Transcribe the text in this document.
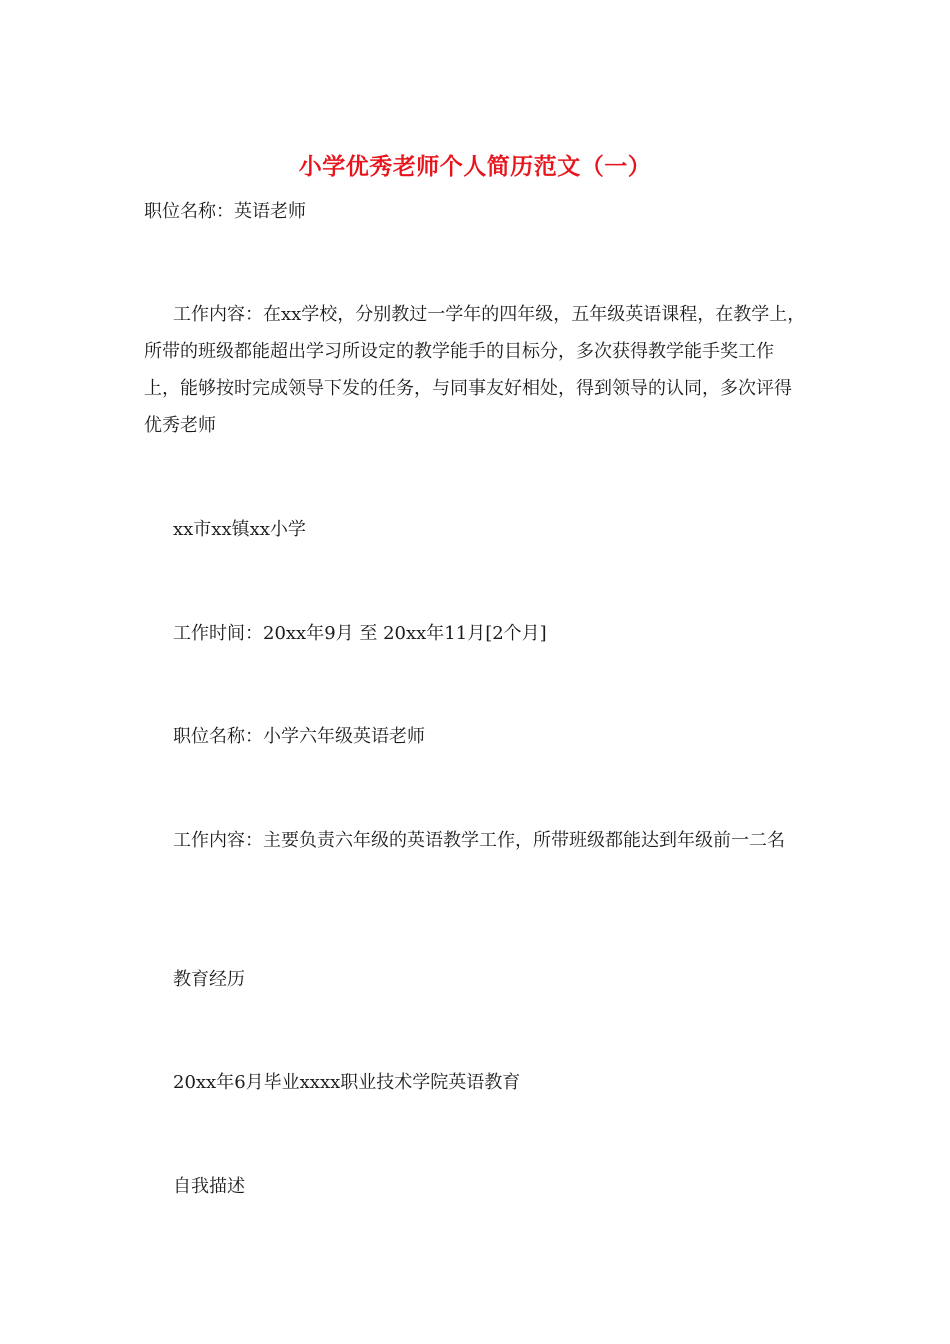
小学优秀老师个人简历范文（一）

职位名称：英语老师

工作内容：在xx学校，分别教过一学年的四年级，五年级英语课程，在教学上，所带的班级都能超出学习所设定的教学能手的目标分，多次获得教学能手奖工作上，能够按时完成领导下发的任务，与同事友好相处，得到领导的认同，多次评得优秀老师

xx市xx镇xx小学

工作时间：20xx年9月 至 20xx年11月[2个月]

职位名称：小学六年级英语老师

工作内容：主要负责六年级的英语教学工作，所带班级都能达到年级前一二名

教育经历

20xx年6月毕业xxxx职业技术学院英语教育

自我描述
